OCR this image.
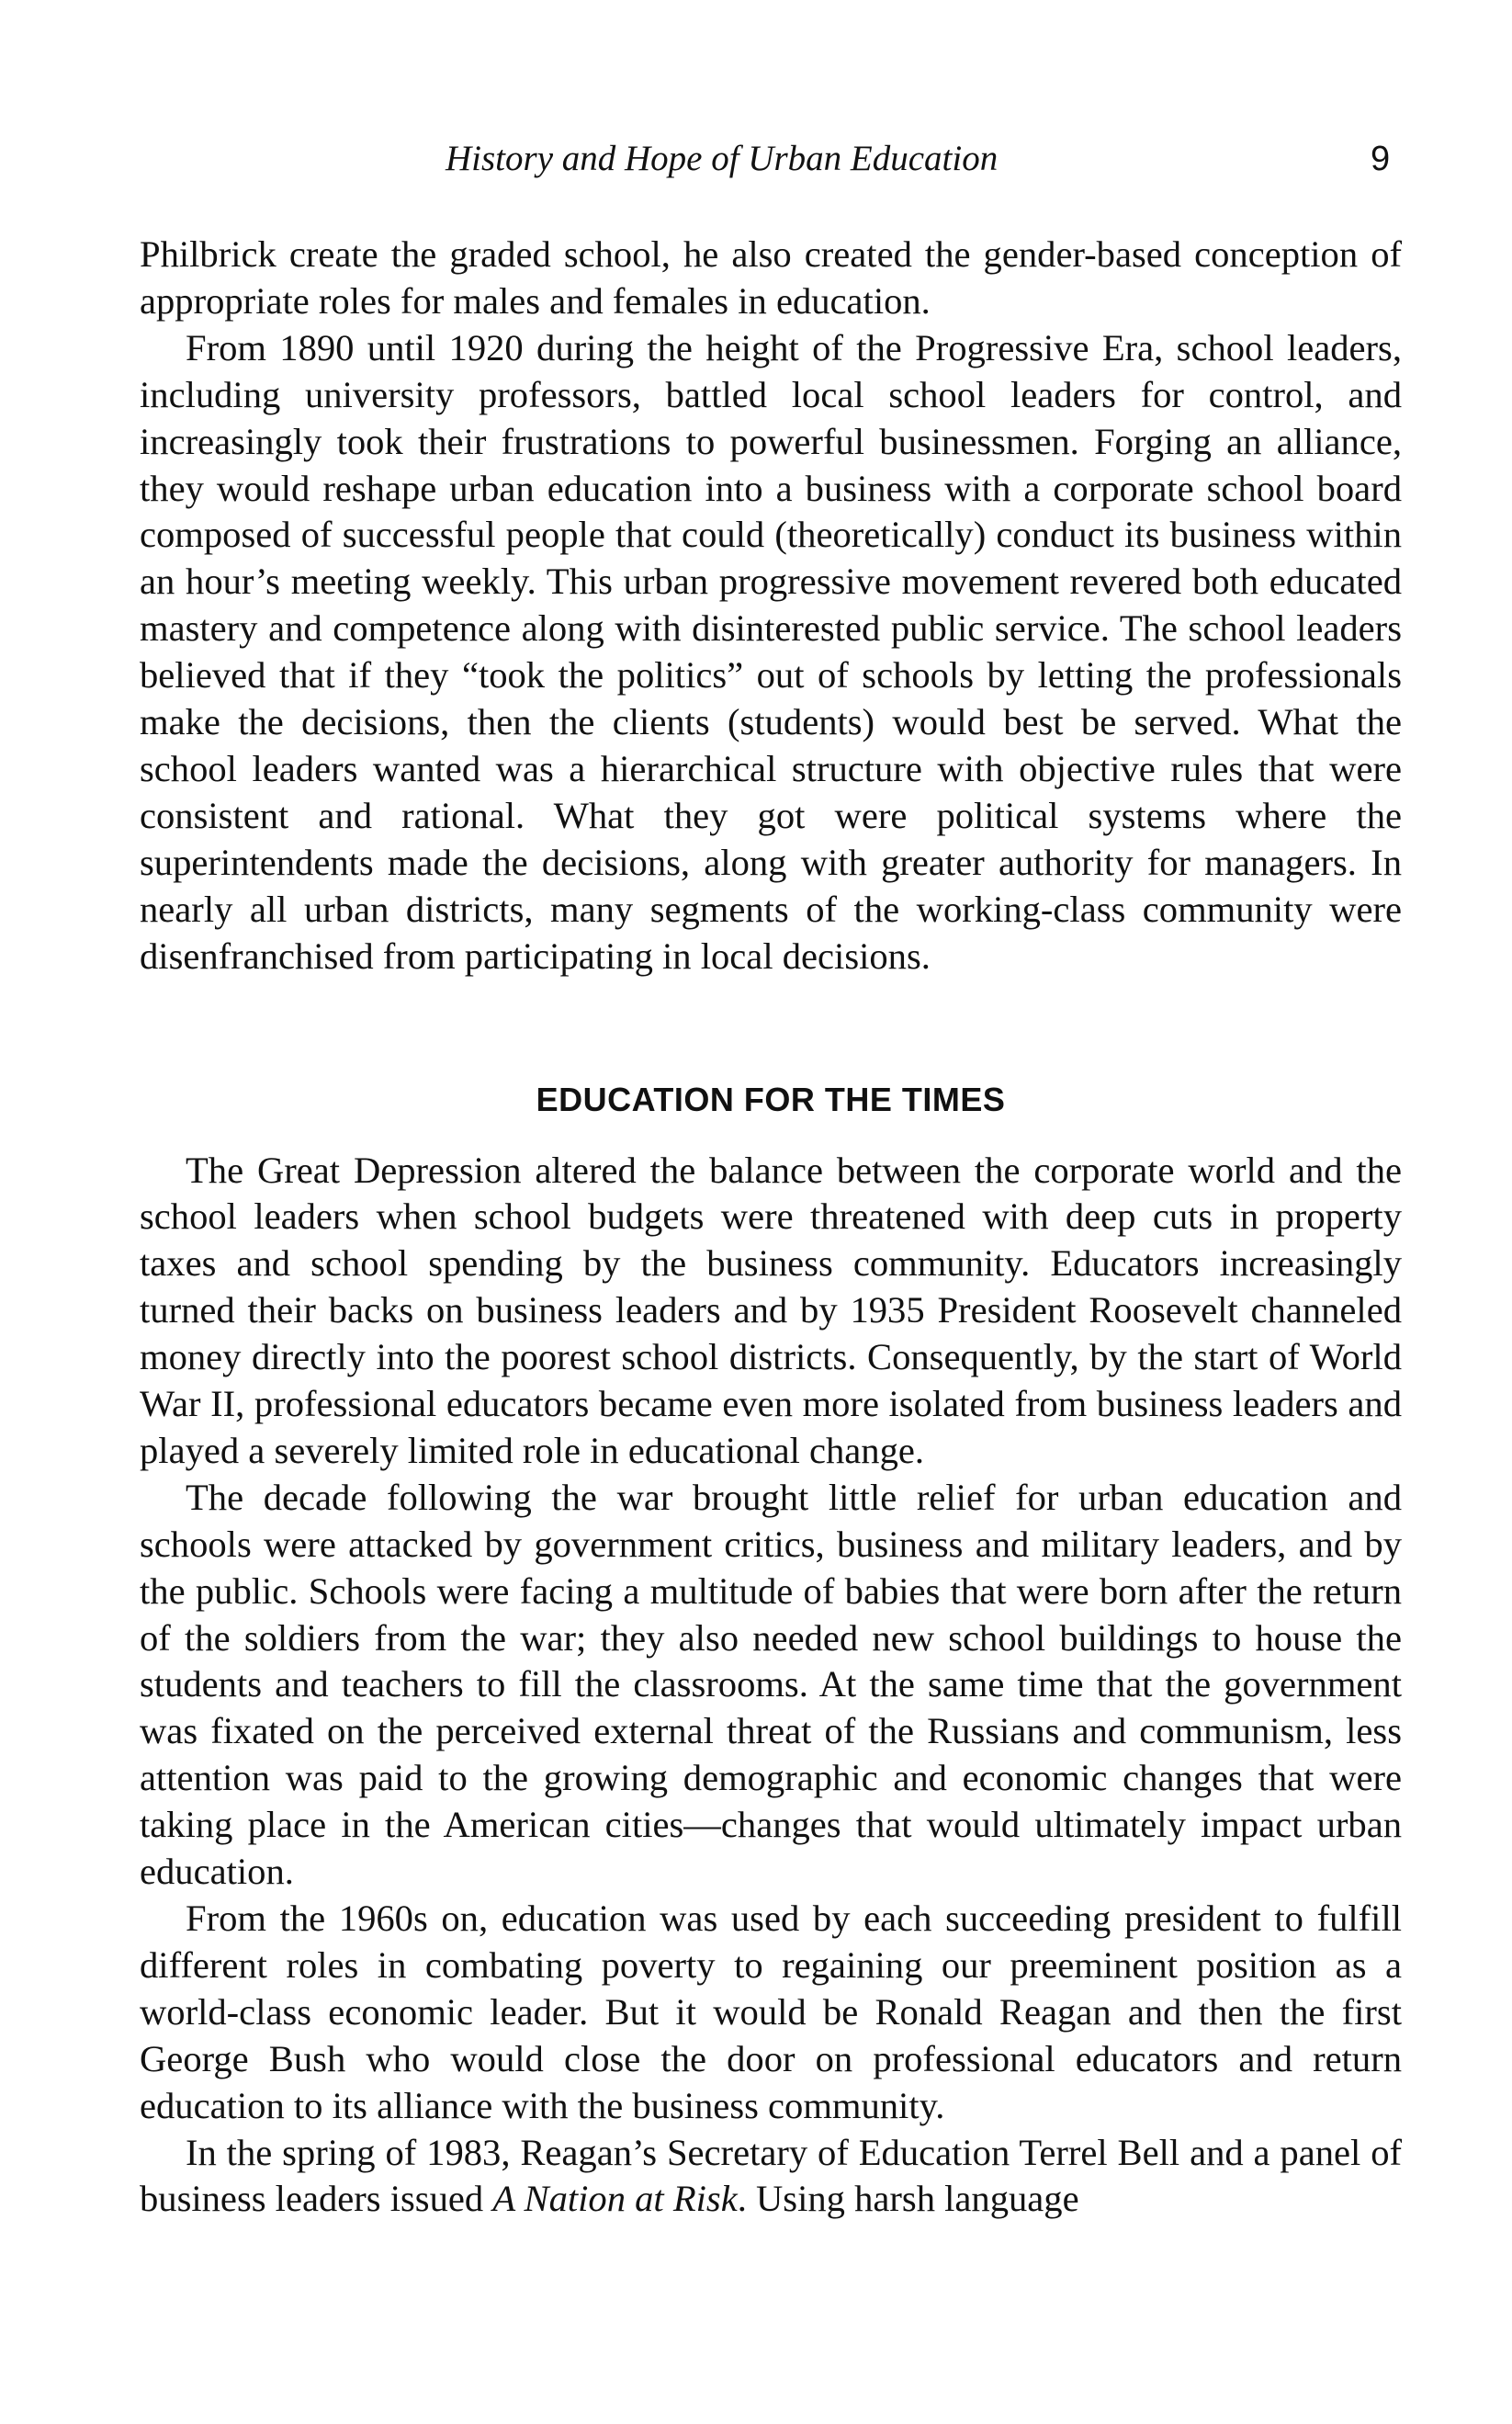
History and Hope of Urban Education	9

Philbrick create the graded school, he also created the gender-based conception of appropriate roles for males and females in education.

From 1890 until 1920 during the height of the Progressive Era, school leaders, including university professors, battled local school leaders for control, and increasingly took their frustrations to powerful businessmen. Forging an alliance, they would reshape urban education into a business with a corporate school board composed of successful people that could (theoretically) conduct its business within an hour’s meeting weekly. This urban progressive movement revered both educated mastery and competence along with disinterested public service. The school leaders believed that if they “took the politics” out of schools by letting the professionals make the decisions, then the clients (students) would best be served. What the school leaders wanted was a hierarchical structure with objective rules that were consistent and rational. What they got were political systems where the superintendents made the decisions, along with greater authority for managers. In nearly all urban districts, many segments of the working-class community were disenfranchised from participating in local decisions.

EDUCATION FOR THE TIMES

The Great Depression altered the balance between the corporate world and the school leaders when school budgets were threatened with deep cuts in property taxes and school spending by the business community. Educators increasingly turned their backs on business leaders and by 1935 President Roosevelt channeled money directly into the poorest school districts. Consequently, by the start of World War II, professional educators became even more isolated from business leaders and played a severely limited role in educational change.

The decade following the war brought little relief for urban education and schools were attacked by government critics, business and military leaders, and by the public. Schools were facing a multitude of babies that were born after the return of the soldiers from the war; they also needed new school buildings to house the students and teachers to fill the classrooms. At the same time that the government was fixated on the perceived external threat of the Russians and communism, less attention was paid to the growing demographic and economic changes that were taking place in the American cities—changes that would ultimately impact urban education.

From the 1960s on, education was used by each succeeding president to fulfill different roles in combating poverty to regaining our preeminent position as a world-class economic leader. But it would be Ronald Reagan and then the first George Bush who would close the door on professional educators and return education to its alliance with the business community.

In the spring of 1983, Reagan’s Secretary of Education Terrel Bell and a panel of business leaders issued A Nation at Risk. Using harsh language
